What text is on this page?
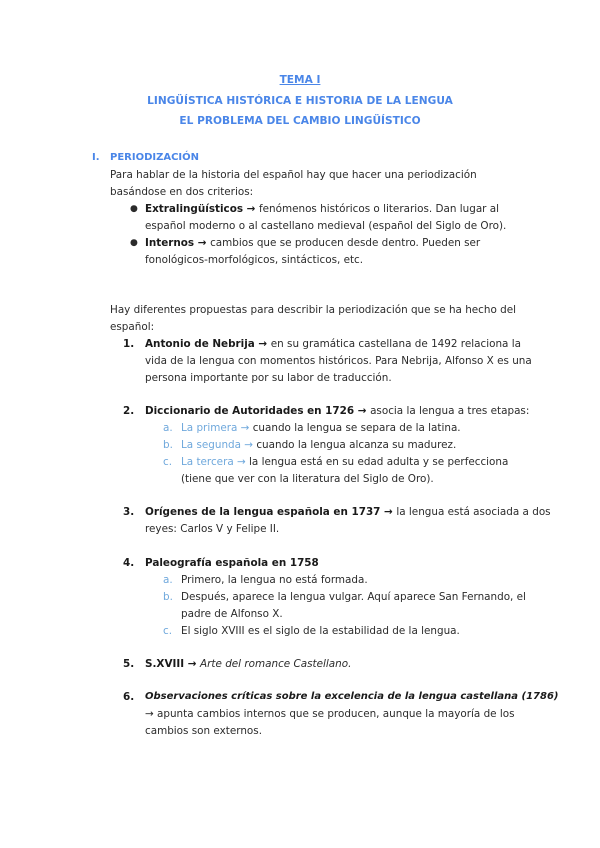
TEMA I
LINGÜÍSTICA HISTÓRICA E HISTORIA DE LA LENGUA
EL PROBLEMA DEL CAMBIO LINGÜÍSTICO
I. PERIODIZACIÓN
Para hablar de la historia del español hay que hacer una periodización
basándose en dos criterios:
● Extralingüísticos → fenómenos históricos o literarios. Dan lugar al
español moderno o al castellano medieval (español del Siglo de Oro).
● Internos → cambios que se producen desde dentro. Pueden ser
fonológicos-morfológicos, sintácticos, etc.
Hay diferentes propuestas para describir la periodización que se ha hecho del
español:
1. Antonio de Nebrija → en su gramática castellana de 1492 relaciona la
vida de la lengua con momentos históricos. Para Nebrija, Alfonso X es una
persona importante por su labor de traducción.
2. Diccionario de Autoridades en 1726 → asocia la lengua a tres etapas:
a. La primera → cuando la lengua se separa de la latina.
b. La segunda → cuando la lengua alcanza su madurez.
c. La tercera → la lengua está en su edad adulta y se perfecciona
(tiene que ver con la literatura del Siglo de Oro).
3. Orígenes de la lengua española en 1737 → la lengua está asociada a dos
reyes: Carlos V y Felipe II.
4. Paleografía española en 1758
a. Primero, la lengua no está formada.
b. Después, aparece la lengua vulgar. Aquí aparece San Fernando, el
padre de Alfonso X.
c. El siglo XVIII es el siglo de la estabilidad de la lengua.
5. S.XVIII → Arte del romance Castellano.
6. Observaciones críticas sobre la excelencia de la lengua castellana (1786)
→ apunta cambios internos que se producen, aunque la mayoría de los
cambios son externos.
